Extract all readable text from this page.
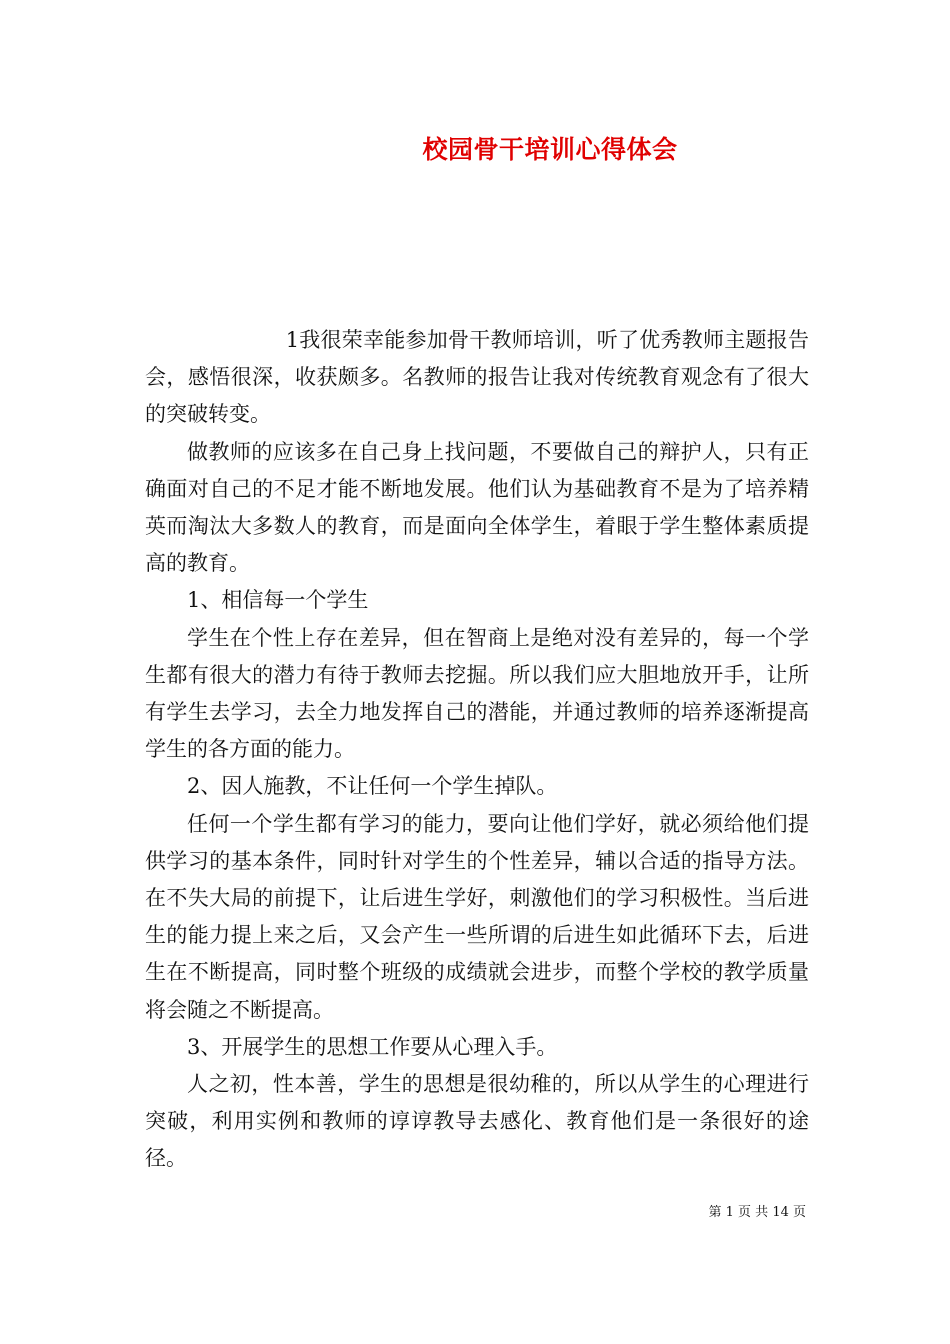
校园骨干培训心得体会

1我很荣幸能参加骨干教师培训，听了优秀教师主题报告会，感悟很深，收获颇多。名教师的报告让我对传统教育观念有了很大的突破转变。

做教师的应该多在自己身上找问题，不要做自己的辩护人，只有正确面对自己的不足才能不断地发展。他们认为基础教育不是为了培养精英而淘汰大多数人的教育，而是面向全体学生，着眼于学生整体素质提高的教育。

1、相信每一个学生

学生在个性上存在差异，但在智商上是绝对没有差异的，每一个学生都有很大的潜力有待于教师去挖掘。所以我们应大胆地放开手，让所有学生去学习，去全力地发挥自己的潜能，并通过教师的培养逐渐提高学生的各方面的能力。

2、因人施教，不让任何一个学生掉队。

任何一个学生都有学习的能力，要向让他们学好，就必须给他们提供学习的基本条件，同时针对学生的个性差异，辅以合适的指导方法。在不失大局的前提下，让后进生学好，刺激他们的学习积极性。当后进生的能力提上来之后，又会产生一些所谓的后进生如此循环下去，后进生在不断提高，同时整个班级的成绩就会进步，而整个学校的教学质量将会随之不断提高。

3、开展学生的思想工作要从心理入手。

人之初，性本善，学生的思想是很幼稚的，所以从学生的心理进行突破，利用实例和教师的谆谆教导去感化、教育他们是一条很好的途径。

第 1 页 共 14 页
